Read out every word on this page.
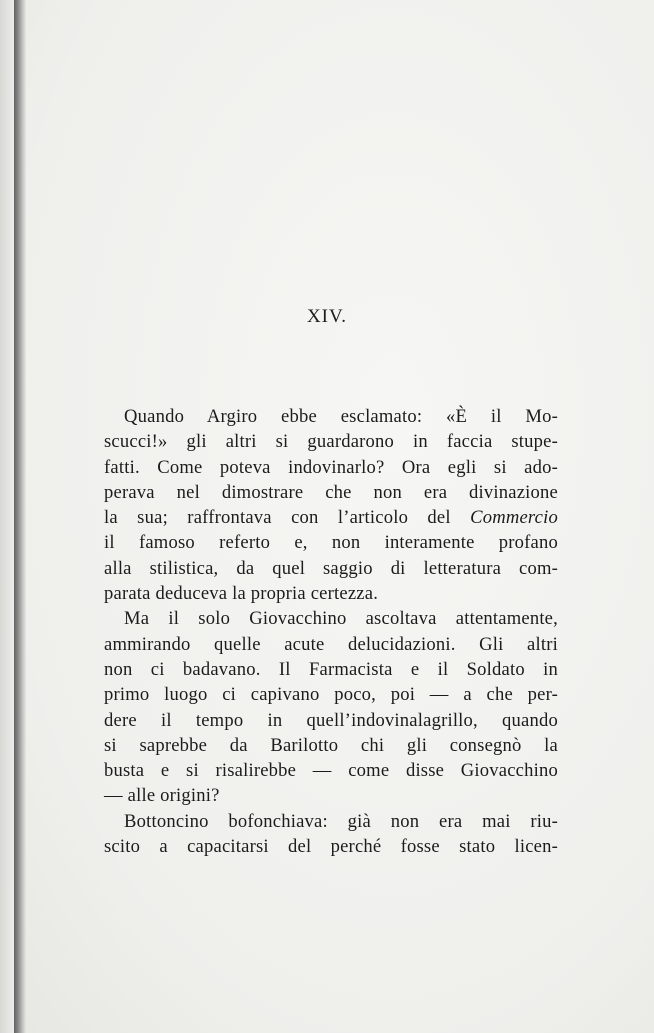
XIV.
Quando Argiro ebbe esclamato: «È il Mo-
scucci!» gli altri si guardarono in faccia stupe-
fatti. Come poteva indovinarlo? Ora egli si ado-
perava nel dimostrare che non era divinazione
la sua; raffrontava con l’articolo del Commercio
il famoso referto e, non interamente profano
alla stilistica, da quel saggio di letteratura com-
parata deduceva la propria certezza.
Ma il solo Giovacchino ascoltava attentamente,
ammirando quelle acute delucidazioni. Gli altri
non ci badavano. Il Farmacista e il Soldato in
primo luogo ci capivano poco, poi — a che per-
dere il tempo in quell’indovinalagrillo, quando
si saprebbe da Barilotto chi gli consegnò la
busta e si risalirebbe — come disse Giovacchino
— alle origini?
Bottoncino bofonchiava: già non era mai riu-
scito a capacitarsi del perché fosse stato licen-
